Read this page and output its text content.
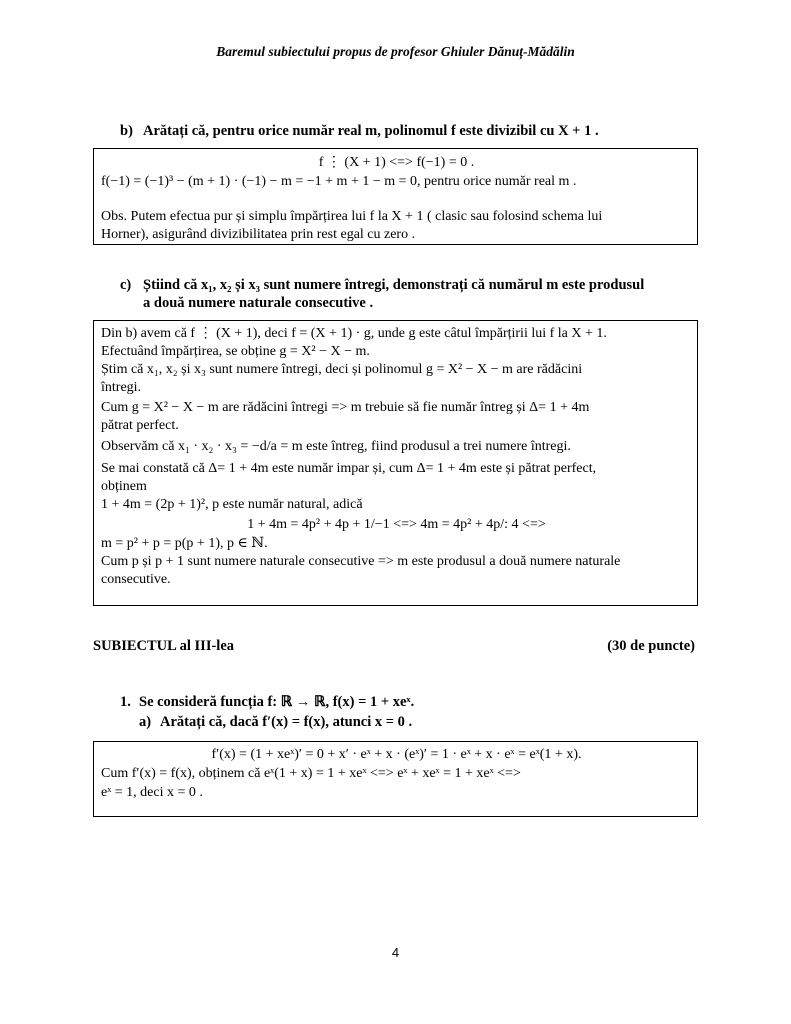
Baremul subiectului propus de profesor Ghiuler Dănuț-Mădălin
b) Arătați că, pentru orice număr real m, polinomul f este divizibil cu X + 1 .
f ⋮ (X + 1) <=> f(−1) = 0 .
f(−1) = (−1)³ − (m + 1) · (−1) − m = −1 + m + 1 − m = 0, pentru orice număr real m .
Obs. Putem efectua pur și simplu împărțirea lui f la X + 1 ( clasic sau folosind schema lui
Horner), asigurând divizibilitatea prin rest egal cu zero .
c) Știind că x₁, x₂ și x₃ sunt numere întregi, demonstrați că numărul m este produsul
a două numere naturale consecutive .
Din b) avem că f ⋮ (X + 1), deci f = (X + 1) · g, unde g este câtul împărțirii lui f la X + 1.
Efectuând împărțirea, se obține g = X² − X − m.
Știm că x₁, x₂ și x₃ sunt numere întregi, deci și polinomul g = X² − X − m are rădăcini
întregi.
Cum g = X² − X − m are rădăcini întregi => m trebuie să fie număr întreg și Δ= 1 + 4m
pătrat perfect.
Observăm că x₁ · x₂ · x₃ = −d/a = m este întreg, fiind produsul a trei numere întregi.
Se mai constată că Δ= 1 + 4m este număr impar și, cum Δ= 1 + 4m este și pătrat perfect,
obținem
1 + 4m = (2p + 1)², p este număr natural, adică
1 + 4m = 4p² + 4p + 1/−1 <=> 4m = 4p² + 4p/: 4 <=>
m = p² + p = p(p + 1), p ∈ ℕ.
Cum p și p + 1 sunt numere naturale consecutive => m este produsul a două numere naturale
consecutive.
SUBIECTUL al III-lea	(30 de puncte)
1. Se consideră funcția f: ℝ → ℝ, f(x) = 1 + xeˣ.
a) Arătați că, dacă f′(x) = f(x), atunci x = 0 .
f′(x) = (1 + xeˣ)′ = 0 + x′ · eˣ + x · (eˣ)′ = 1 · eˣ + x · eˣ = eˣ(1 + x).
Cum f′(x) = f(x), obținem că eˣ(1 + x) = 1 + xeˣ <=> eˣ + xeˣ = 1 + xeˣ <=>
eˣ = 1, deci x = 0 .
4
